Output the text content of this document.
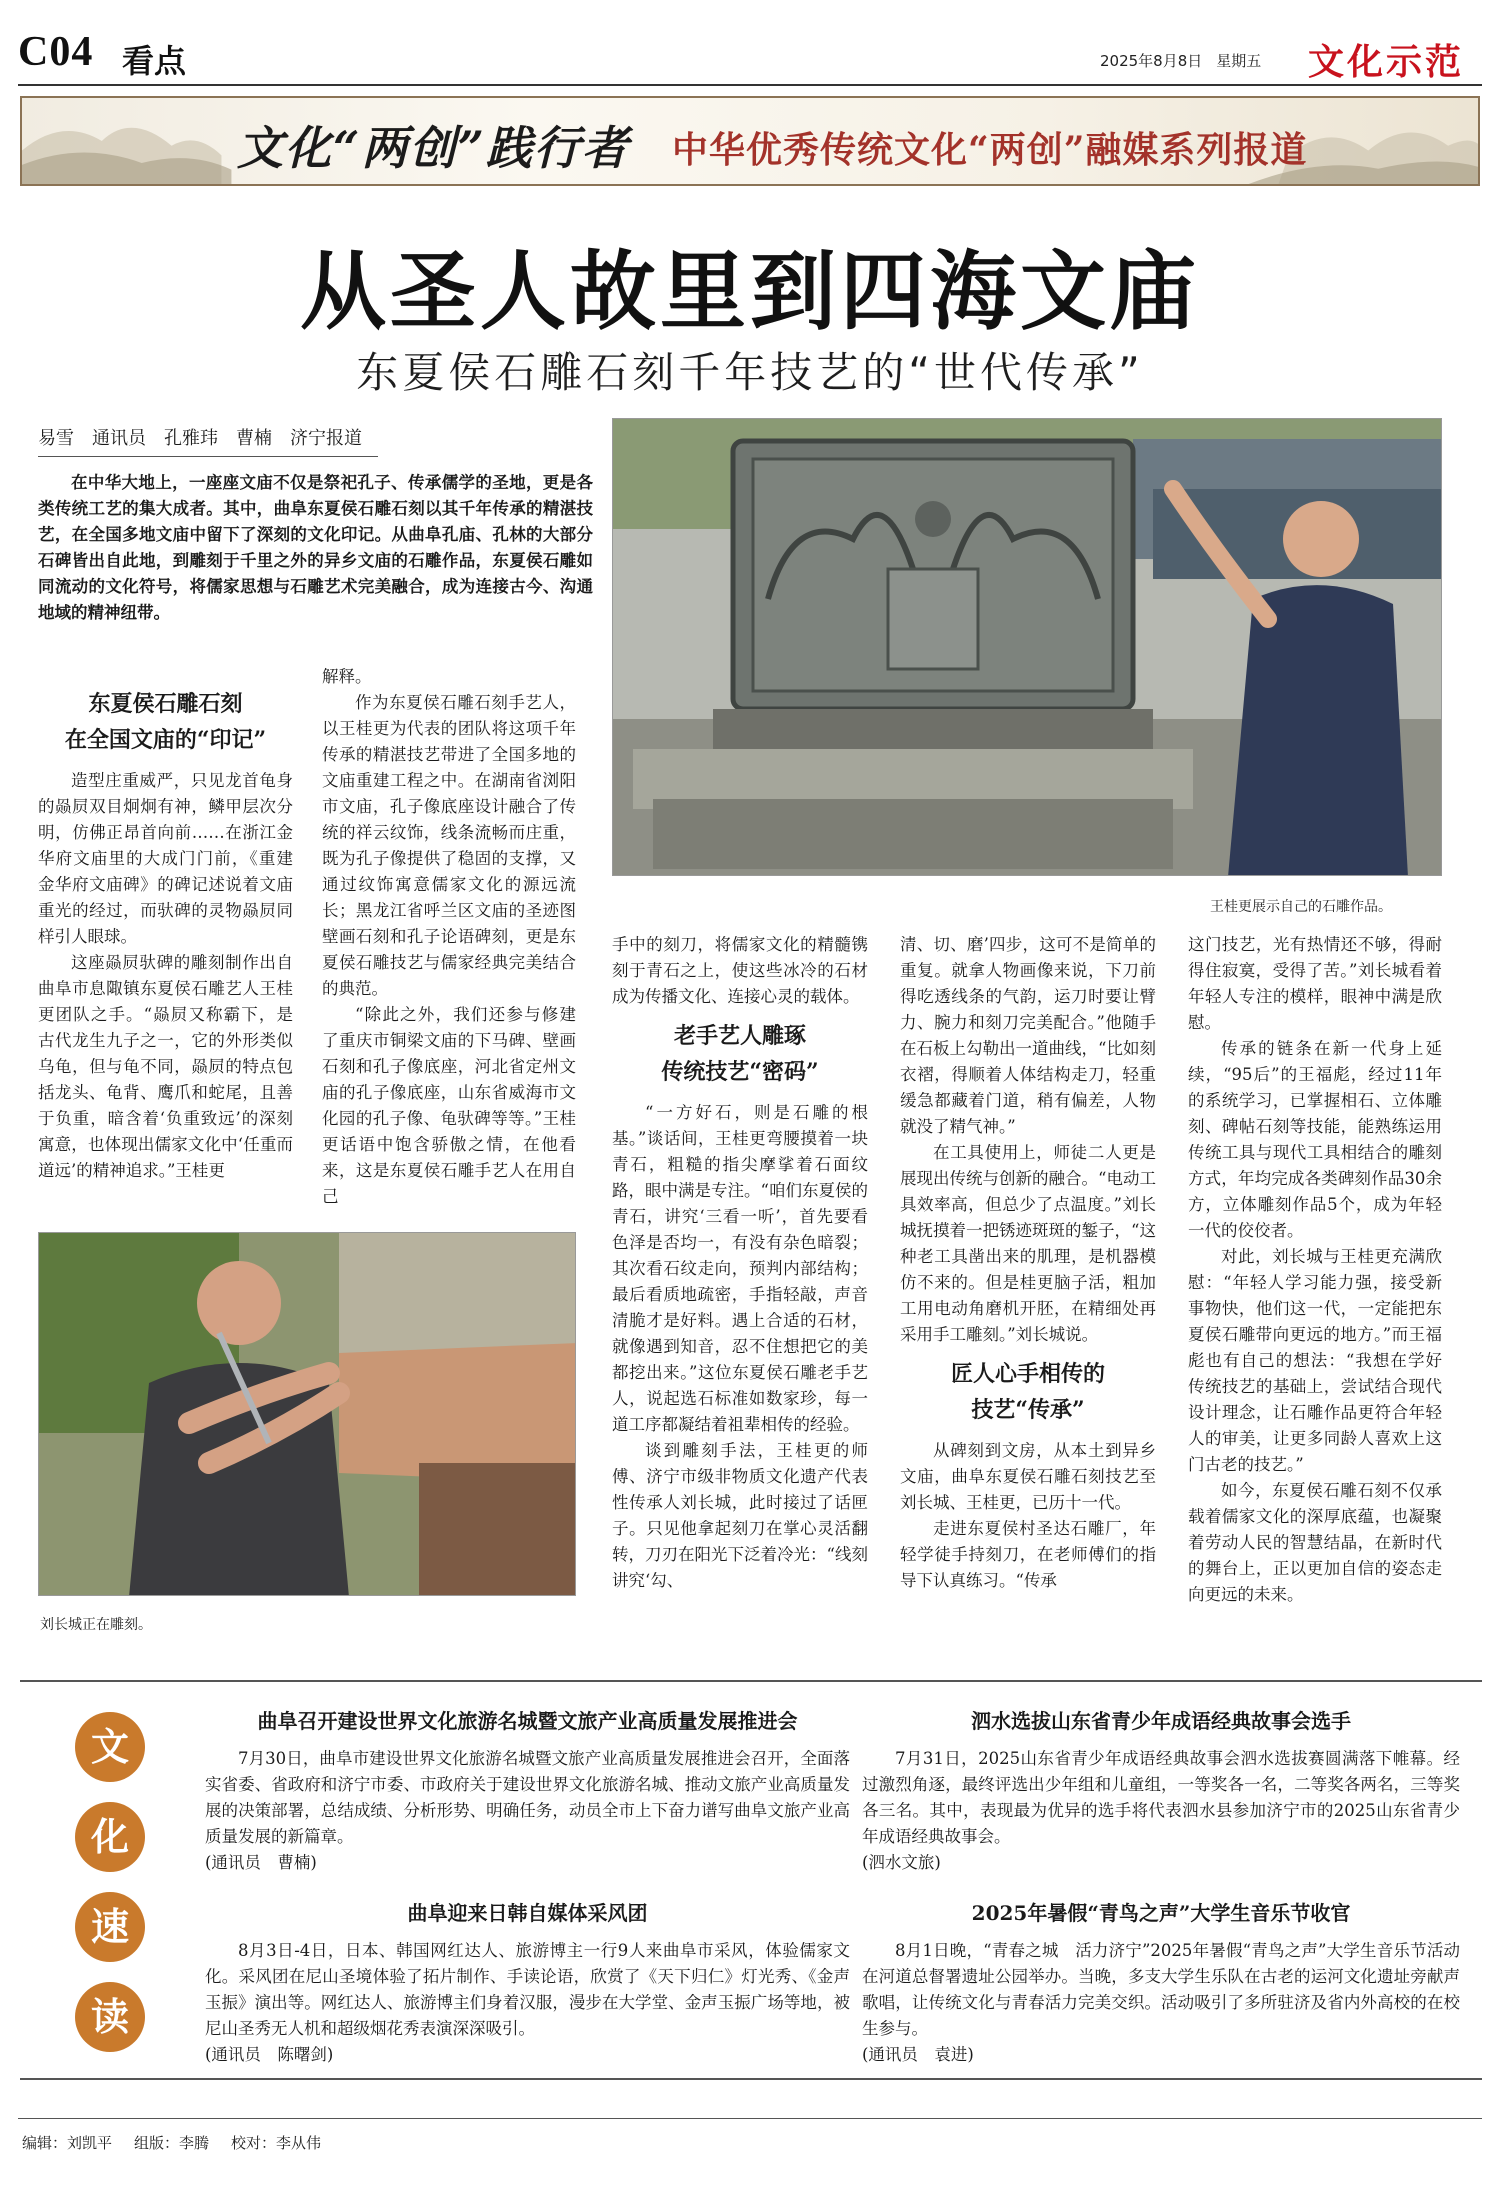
C04 看点	2025年8月8日 星期五	文化示范
文化“两创”践行者 中华优秀传统文化“两创”融媒系列报道
从圣人故里到四海文庙
东夏侯石雕石刻千年技艺的“世代传承”
易雪　通讯员　孔雅玮　曹楠　济宁报道
在中华大地上，一座座文庙不仅是祭祀孔子、传承儒学的圣地，更是各类传统工艺的集大成者。其中，曲阜东夏侯石雕石刻以其千年传承的精湛技艺，在全国多地文庙中留下了深刻的文化印记。从曲阜孔庙、孔林的大部分石碑皆出自此地，到雕刻于千里之外的异乡文庙的石雕作品，东夏侯石雕如同流动的文化符号，将儒家思想与石雕艺术完美融合，成为连接古今、沟通地域的精神纽带。
王桂更展示自己的石雕作品。
东夏侯石雕石刻
在全国文庙的“印记”

造型庄重威严，只见龙首龟身的赑屃双目炯炯有神，鳞甲层次分明，仿佛正昂首向前……在浙江金华府文庙里的大成门门前，《重建金华府文庙碑》的碑记述说着文庙重光的经过，而驮碑的灵物赑屃同样引人眼球。

这座赑屃驮碑的雕刻制作出自曲阜市息陬镇东夏侯石雕艺人王桂更团队之手。“赑屃又称霸下，是古代龙生九子之一，它的外形类似乌龟，但与龟不同，赑屃的特点包括龙头、龟背、鹰爪和蛇尾，且善于负重，暗含着‘负重致远’的深刻寓意，也体现出儒家文化中‘任重而道远’的精神追求。”王桂更

解释。

作为东夏侯石雕石刻手艺人，以王桂更为代表的团队将这项千年传承的精湛技艺带进了全国多地的文庙重建工程之中。在湖南省浏阳市文庙，孔子像底座设计融合了传统的祥云纹饰，线条流畅而庄重，既为孔子像提供了稳固的支撑，又通过纹饰寓意儒家文化的源远流长；黑龙江省呼兰区文庙的圣迹图壁画石刻和孔子论语碑刻，更是东夏侯石雕技艺与儒家经典完美结合的典范。

“除此之外，我们还参与修建了重庆市铜梁文庙的下马碑、壁画石刻和孔子像底座，河北省定州文庙的孔子像底座，山东省威海市文化园的孔子像、龟驮碑等等。”王桂更话语中饱含骄傲之情，在他看来，这是东夏侯石雕手艺人在用自己

刘长城正在雕刻。

手中的刻刀，将儒家文化的精髓镌刻于青石之上，使这些冰冷的石材成为传播文化、连接心灵的载体。

老手艺人雕琢
传统技艺“密码”

“一方好石，则是石雕的根基。”谈话间，王桂更弯腰摸着一块青石，粗糙的指尖摩挲着石面纹路，眼中满是专注。“咱们东夏侯的青石，讲究‘三看一听’，首先要看色泽是否均一，有没有杂色暗裂；其次看石纹走向，预判内部结构；最后看质地疏密，手指轻敲，声音清脆才是好料。遇上合适的石材，就像遇到知音，忍不住想把它的美都挖出来。”这位东夏侯石雕老手艺人，说起选石标准如数家珍，每一道工序都凝结着祖辈相传的经验。

谈到雕刻手法，王桂更的师傅、济宁市级非物质文化遗产代表性传承人刘长城，此时接过了话匣子。只见他拿起刻刀在掌心灵活翻转，刀刃在阳光下泛着冷光：“线刻讲究‘勾、

清、切、磨’四步，这可不是简单的重复。就拿人物画像来说，下刀前得吃透线条的气韵，运刀时要让臂力、腕力和刻刀完美配合。”他随手在石板上勾勒出一道曲线，“比如刻衣褶，得顺着人体结构走刀，轻重缓急都藏着门道，稍有偏差，人物就没了精气神。”

在工具使用上，师徒二人更是展现出传统与创新的融合。“电动工具效率高，但总少了点温度。”刘长城抚摸着一把锈迹斑斑的錾子，“这种老工具凿出来的肌理，是机器模仿不来的。但是桂更脑子活，粗加工用电动角磨机开胚，在精细处再采用手工雕刻。”刘长城说。

匠人心手相传的
技艺“传承”

从碑刻到文房，从本土到异乡文庙，曲阜东夏侯石雕石刻技艺至刘长城、王桂更，已历十一代。

走进东夏侯村圣达石雕厂，年轻学徒手持刻刀，在老师傅们的指导下认真练习。“传承

这门技艺，光有热情还不够，得耐得住寂寞，受得了苦。”刘长城看着年轻人专注的模样，眼神中满是欣慰。

传承的链条在新一代身上延续，“95后”的王福彪，经过11年的系统学习，已掌握相石、立体雕刻、碑帖石刻等技能，能熟练运用传统工具与现代工具相结合的雕刻方式，年均完成各类碑刻作品30余方，立体雕刻作品5个，成为年轻一代的佼佼者。

对此，刘长城与王桂更充满欣慰：“年轻人学习能力强，接受新事物快，他们这一代，一定能把东夏侯石雕带向更远的地方。”而王福彪也有自己的想法：“我想在学好传统技艺的基础上，尝试结合现代设计理念，让石雕作品更符合年轻人的审美，让更多同龄人喜欢上这门古老的技艺。”

如今，东夏侯石雕石刻不仅承载着儒家文化的深厚底蕴，也凝聚着劳动人民的智慧结晶，在新时代的舞台上，正以更加自信的姿态走向更远的未来。

文
化
速
读
曲阜召开建设世界文化旅游名城暨文旅产业高质量发展推进会

7月30日，曲阜市建设世界文化旅游名城暨文旅产业高质量发展推进会召开，全面落实省委、省政府和济宁市委、市政府关于建设世界文化旅游名城、推动文旅产业高质量发展的决策部署，总结成绩、分析形势、明确任务，动员全市上下奋力谱写曲阜文旅产业高质量发展的新篇章。

(通讯员　曹楠)

曲阜迎来日韩自媒体采风团

8月3日-4日，日本、韩国网红达人、旅游博主一行9人来曲阜市采风，体验儒家文化。采风团在尼山圣境体验了拓片制作、手读论语，欣赏了《天下归仁》灯光秀、《金声玉振》演出等。网红达人、旅游博主们身着汉服，漫步在大学堂、金声玉振广场等地，被尼山圣秀无人机和超级烟花秀表演深深吸引。

(通讯员　陈曙剑)

泗水选拔山东省青少年成语经典故事会选手

7月31日，2025山东省青少年成语经典故事会泗水选拔赛圆满落下帷幕。经过激烈角逐，最终评选出少年组和儿童组，一等奖各一名，二等奖各两名，三等奖各三名。其中，表现最为优异的选手将代表泗水县参加济宁市的2025山东省青少年成语经典故事会。

(泗水文旅)

2025年暑假“青鸟之声”大学生音乐节收官

8月1日晚，“青春之城　活力济宁”2025年暑假“青鸟之声”大学生音乐节活动在河道总督署遗址公园举办。当晚，多支大学生乐队在古老的运河文化遗址旁献声歌唱，让传统文化与青春活力完美交织。活动吸引了多所驻济及省内外高校的在校生参与。

(通讯员　袁进)

编辑：刘凯平 组版：李腾 校对：李从伟
